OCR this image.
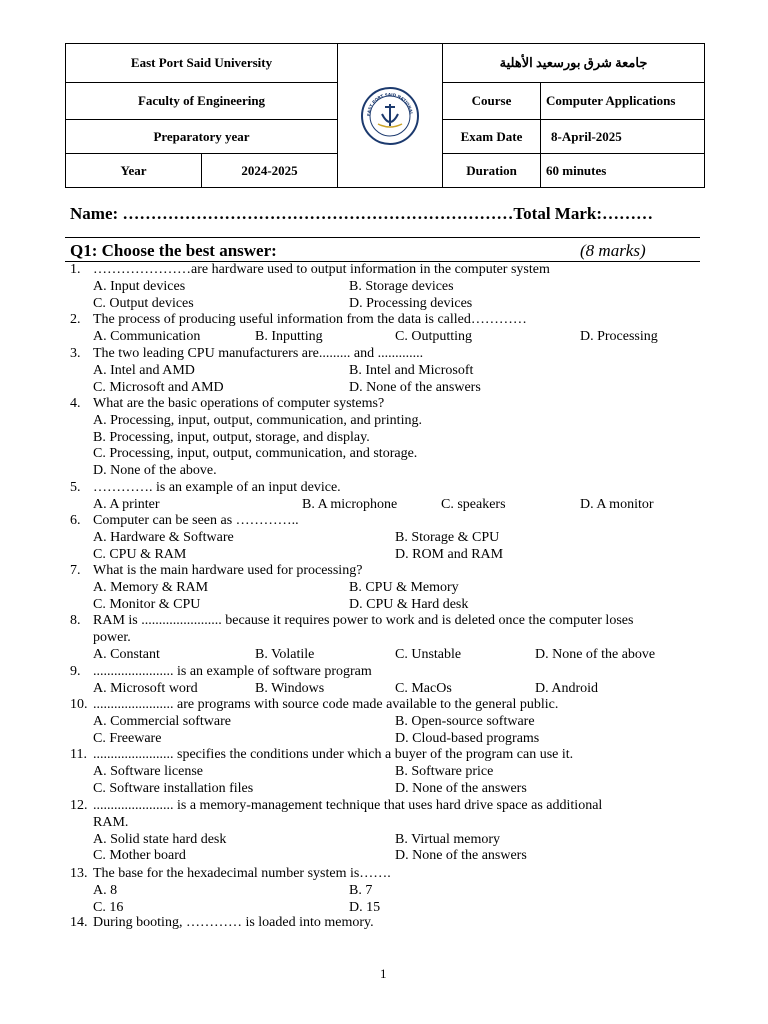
East Port Said University		EAST PORT SAID NATIONAL	جامعة شرق بورسعيد الأهلية	
Faculty of Engineering			Course	Computer Applications
Preparatory year			Exam Date	8-April-2025
Year	2024-2025		Duration	60 minutes
Name: ……………………………………………………………Total Mark:………
Q1: Choose the best answer:	(8 marks)
1. …………………are hardware used to output information in the computer system
A. Input devices	B. Storage devices
C. Output devices	D. Processing devices
2. The process of producing useful information from the data is called…………
A. Communication	B. Inputting	C. Outputting	D. Processing
3. The two leading CPU manufacturers are......... and .............
A. Intel and AMD	B. Intel and Microsoft
C. Microsoft and AMD	D. None of the answers
4. What are the basic operations of computer systems?
A. Processing, input, output, communication, and printing.
B. Processing, input, output, storage, and display.
C. Processing, input, output, communication, and storage.
D. None of the above.
5. …………. is an example of an input device.
A. A printer	B. A microphone	C. speakers	D. A monitor
6. Computer can be seen as …………..
A. Hardware & Software	B. Storage & CPU
C. CPU & RAM	D. ROM and RAM
7. What is the main hardware used for processing?
A. Memory & RAM	B. CPU & Memory
C. Monitor & CPU	D. CPU & Hard desk
8. RAM is ....................... because it requires power to work and is deleted once the computer loses
power.
A. Constant	B. Volatile	C. Unstable	D. None of the above
9. ....................... is an example of software program
A. Microsoft word	B. Windows	C. MacOs	D. Android
10. ....................... are programs with source code made available to the general public.
A. Commercial software	B. Open-source software
C. Freeware	D. Cloud-based programs
11. ....................... specifies the conditions under which a buyer of the program can use it.
A. Software license	B. Software price
C. Software installation files	D. None of the answers
12. ....................... is a memory-management technique that uses hard drive space as additional
RAM.
A. Solid state hard desk	B. Virtual memory
C. Mother board	D. None of the answers
13. The base for the hexadecimal number system is…….
A. 8	B. 7
C. 16	D. 15
14. During booting, ………… is loaded into memory.
1
